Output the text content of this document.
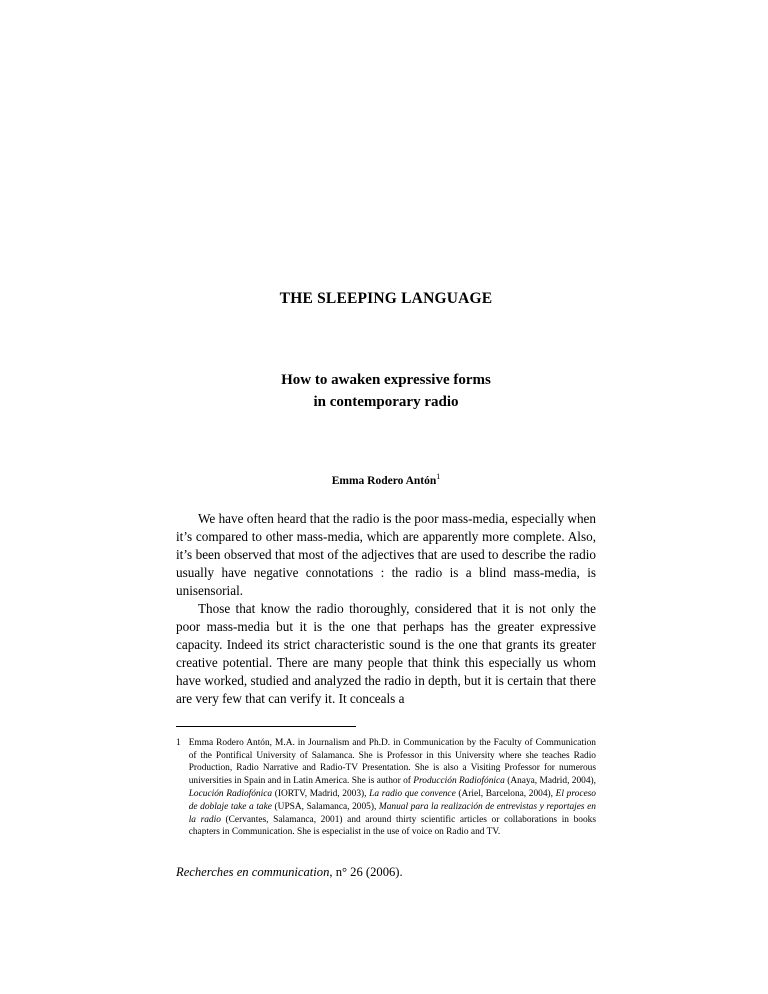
THE SLEEPING LANGUAGE
How to awaken expressive forms
in contemporary radio
Emma Rodero Antón$^1$

We have often heard that the radio is the poor mass-media, especially when it’s compared to other mass-media, which are apparently more complete. Also, it’s been observed that most of the adjectives that are used to describe the radio usually have negative connotations : the radio is a blind mass-media, is unisensorial.

Those that know the radio thoroughly, considered that it is not only the poor mass-media but it is the one that perhaps has the greater expressive capacity. Indeed its strict characteristic sound is the one that grants its greater creative potential. There are many people that think this especially us whom have worked, studied and analyzed the radio in depth, but it is certain that there are very few that can verify it. It conceals a

1 Emma Rodero Antón, M.A. in Journalism and Ph.D. in Communication by the Faculty of Communication of the Pontifical University of Salamanca. She is Professor in this University where she teaches Radio Production, Radio Narrative and Radio-TV Presentation. She is also a Visiting Professor for numerous universities in Spain and in Latin America. She is author of Producción Radiofónica (Anaya, Madrid, 2004), Locución Radiofónica (IORTV, Madrid, 2003), La radio que convence (Ariel, Barcelona, 2004), El proceso de doblaje take a take (UPSA, Salamanca, 2005), Manual para la realización de entrevistas y reportajes en la radio (Cervantes, Salamanca, 2001) and around thirty scientific articles or collaborations in books chapters in Communication. She is especialist in the use of voice on Radio and TV.
Recherches en communication, n° 26 (2006).
